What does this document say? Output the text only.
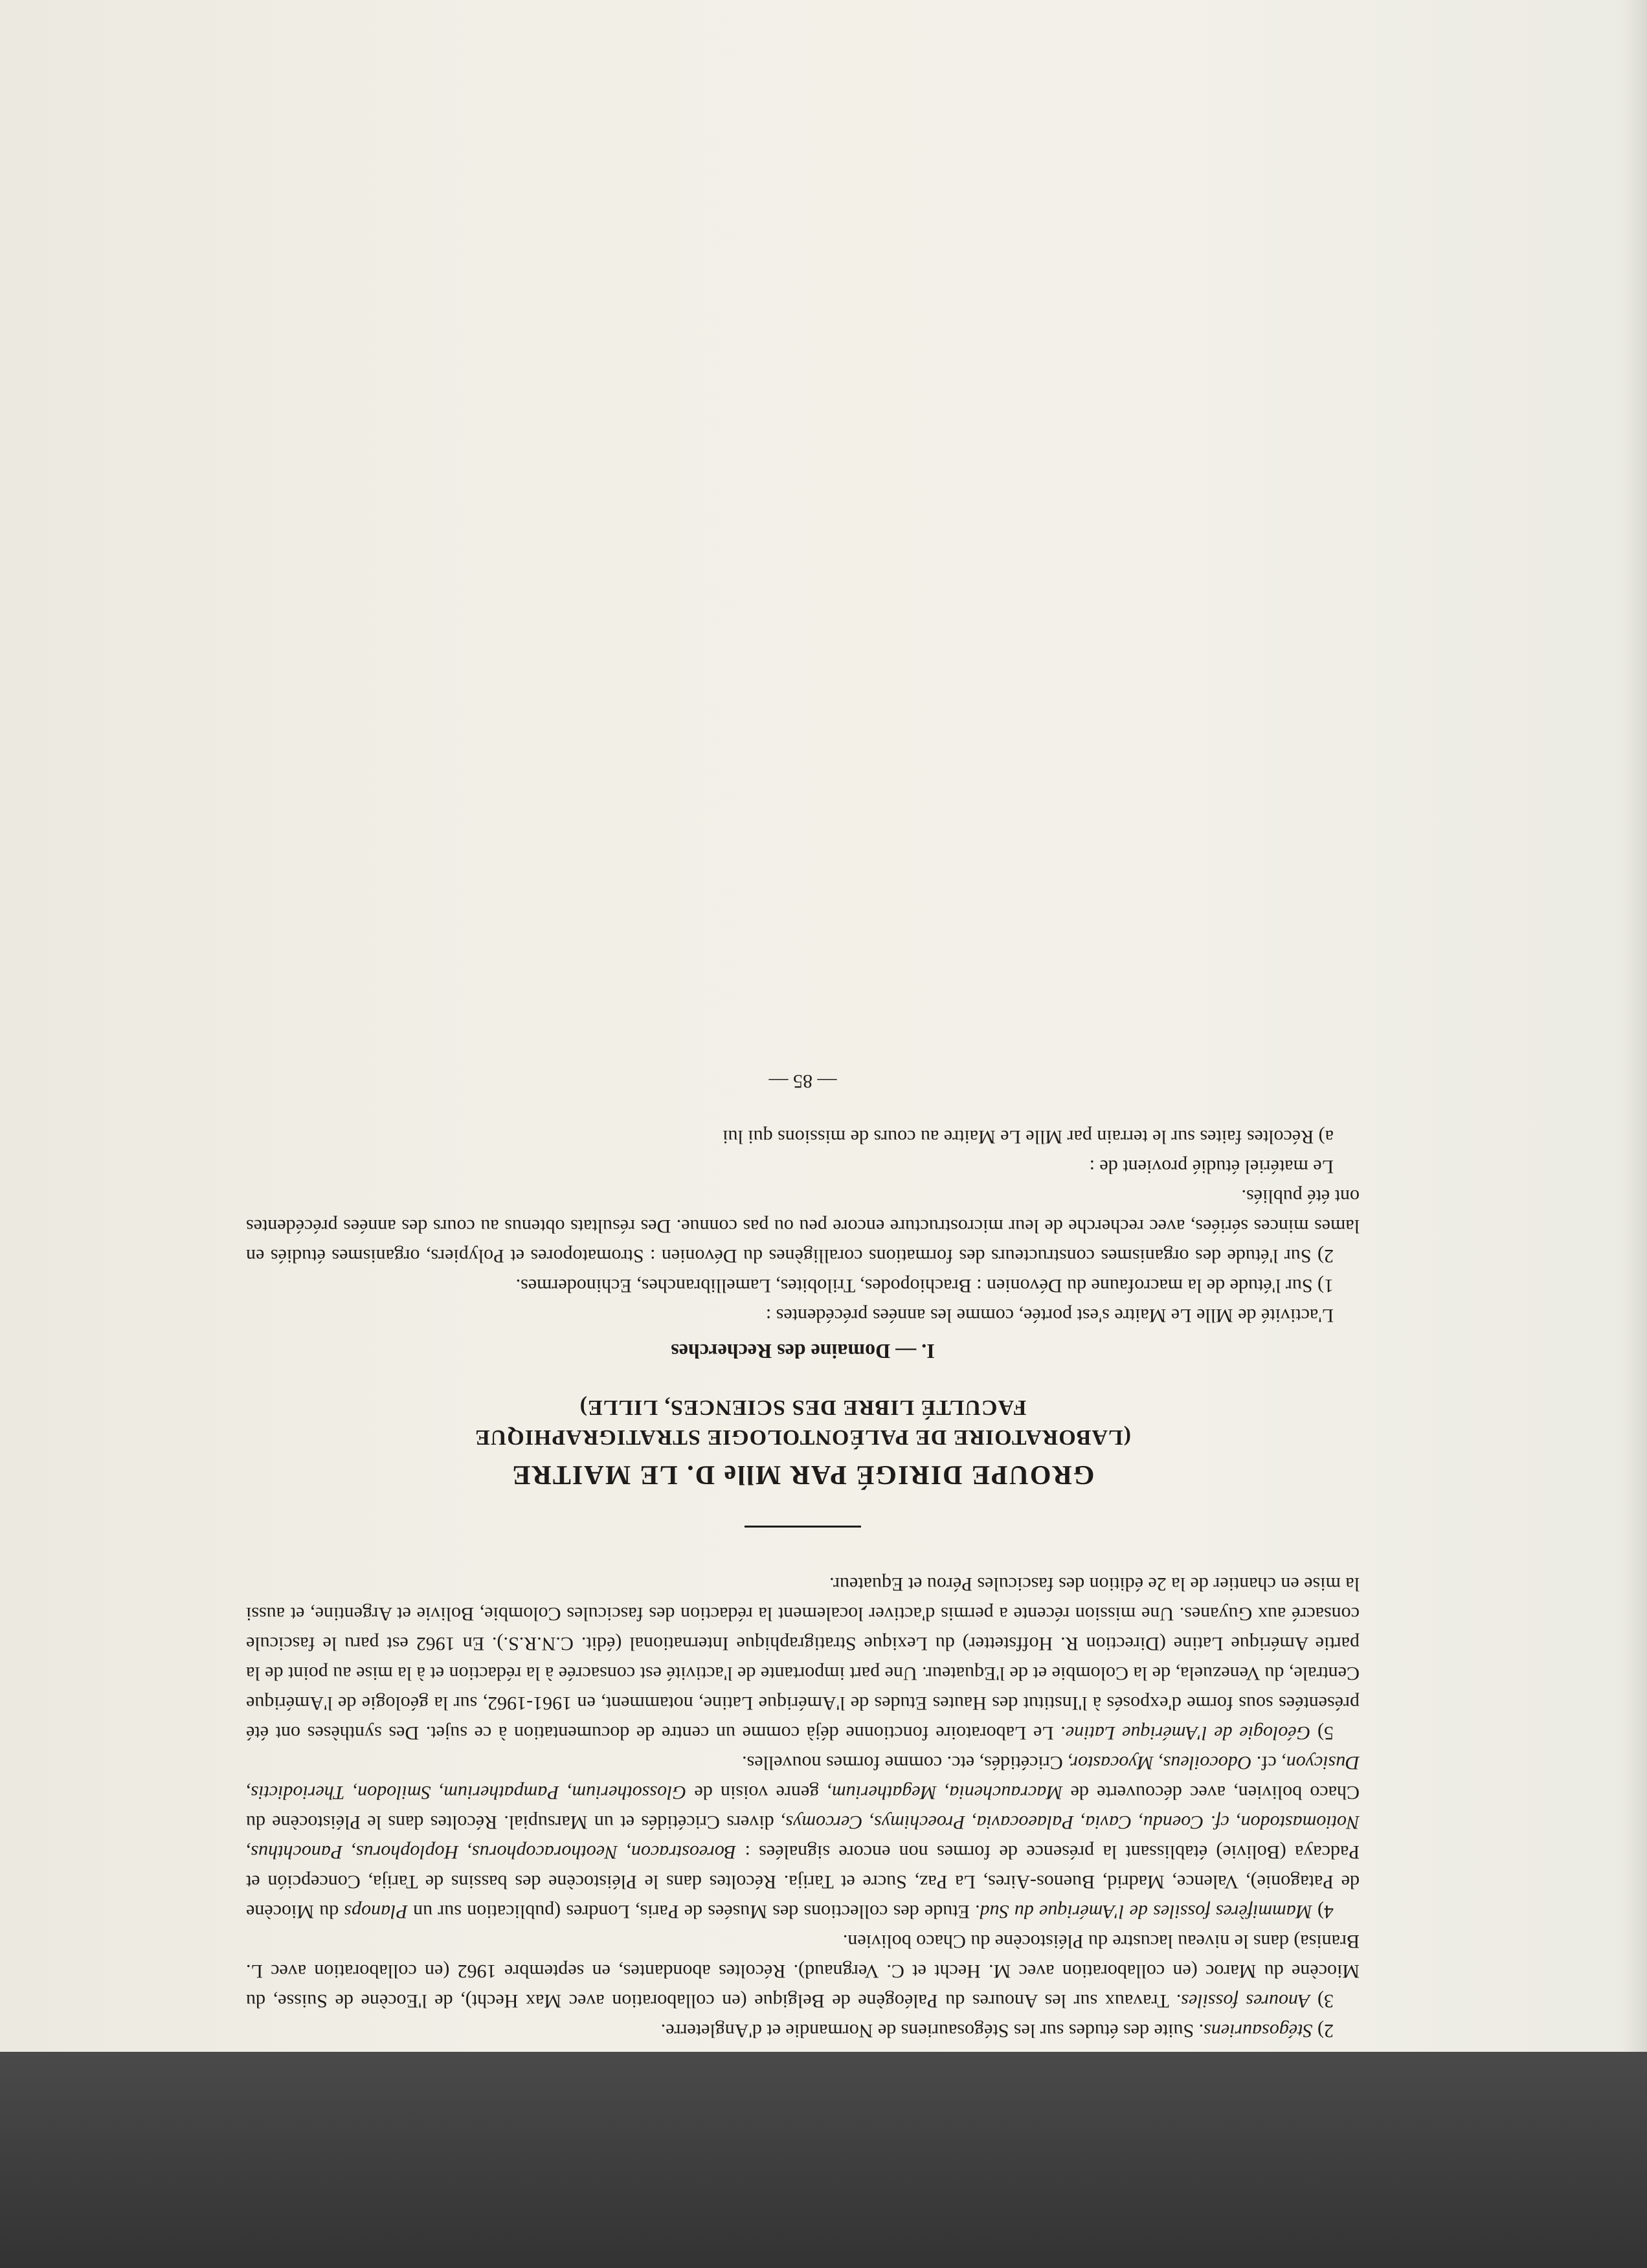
2) Stégosauriens. Suite des études sur les Stégosauriens de Normandie et d'Angleterre.

3) Anoures fossiles. Travaux sur les Anoures du Paléogène de Belgique (en collaboration avec Max Hecht), de l'Eocène de Suisse, du Miocène du Maroc (en collaboration avec M. Hecht et C. Vergnaud). Récoltes abondantes, en septembre 1962 (en collaboration avec L. Branisa) dans le niveau lacustre du Pléistocène du Chaco bolivien.

4) Mammifères fossiles de l'Amérique du Sud. Etude des collections des Musées de Paris, Londres (publication sur un Planops du Miocène de Patagonie), Valence, Madrid, Buenos-Aires, La Paz, Sucre et Tarija. Récoltes dans le Pléistocène des bassins de Tarija, Concepción et Padcaya (Bolivie) établissant la présence de formes non encore signalées : Boreostracon, Neothoracophorus, Hoplophorus, Panochthus, Notiomastodon, cf. Coendu, Cavia, Palaeocavia, Proechimys, Cercomys, divers Cricétidés et un Marsupial. Récoltes dans le Pléistocène du Chaco bolivien, avec découverte de Macrauchenia, Megatherium, genre voisin de Glossotherium, Pampatherium, Smilodon, Theriodictis, Dusicyon, cf. Odocoileus, Myocastor, Cricétidés, etc. comme formes nouvelles.

5) Géologie de l'Amérique Latine. Le Laboratoire fonctionne déjà comme un centre de documentation à ce sujet. Des synthèses ont été présentées sous forme d'exposés à l'Institut des Hautes Etudes de l'Amérique Latine, notamment, en 1961-1962, sur la géologie de l'Amérique Centrale, du Venezuela, de la Colombie et de l'Equateur. Une part importante de l'activité est consacrée à la rédaction et à la mise au point de la partie Amérique Latine (Direction R. Hoffstetter) du Lexique Stratigraphique International (édit. C.N.R.S.). En 1962 est paru le fascicule consacré aux Guyanes. Une mission récente a permis d'activer localement la rédaction des fascicules Colombie, Bolivie et Argentine, et aussi la mise en chantier de la 2e édition des fascicules Pérou et Equateur.

GROUPE DIRIGÉ PAR Mlle D. LE MAITRE
(LABORATOIRE DE PALÉONTOLOGIE STRATIGRAPHIQUE
FACULTÉ LIBRE DES SCIENCES, LILLE)
I. — Domaine des Recherches

L'activité de Mlle Le Maitre s'est portée, comme les années précédentes :

1) Sur l'étude de la macrofaune du Dévonien : Brachiopodes, Trilobites, Lamellibranches, Echinodermes.

2) Sur l'étude des organismes constructeurs des formations coralligènes du Dévonien : Stromatopores et Polypiers, organismes étudiés en lames minces sériées, avec recherche de leur microstructure encore peu ou pas connue. Des résultats obtenus au cours des années précédentes ont été publiés.

Le matériel étudié provient de :

a) Récoltes faites sur le terrain par Mlle Le Maitre au cours de missions qui lui

— 85 —
